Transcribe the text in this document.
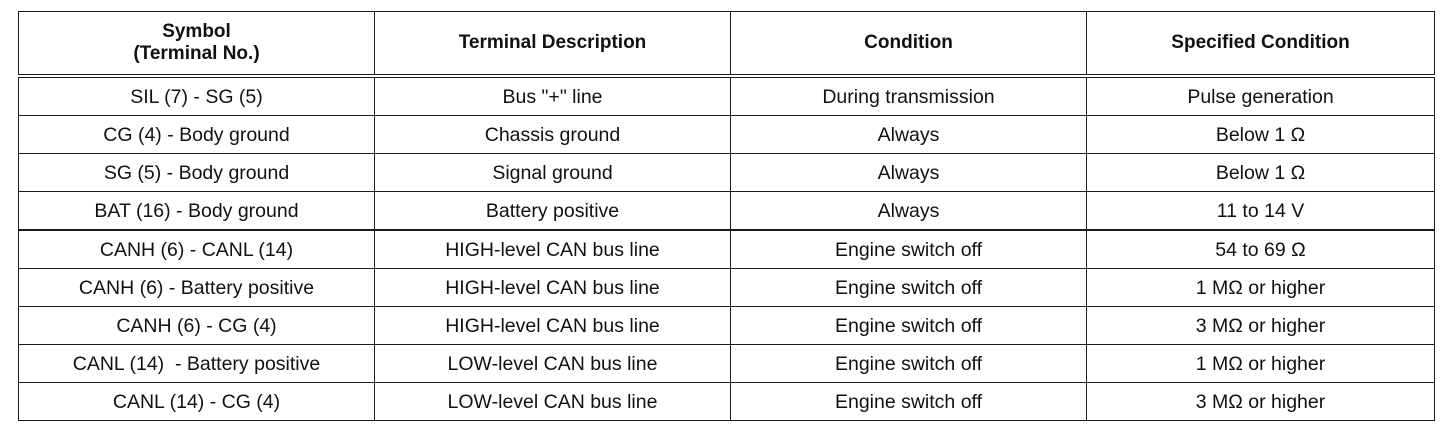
Symbol
(Terminal No.)	Terminal Description	Condition	Specified Condition

SIL (7) - SG (5)	Bus "+" line	During transmission	Pulse generation
CG (4) - Body ground	Chassis ground	Always	Below 1 Ω
SG (5) - Body ground	Signal ground	Always	Below 1 Ω
BAT (16) - Body ground	Battery positive	Always	11 to 14 V
CANH (6) - CANL (14)	HIGH-level CAN bus line	Engine switch off	54 to 69 Ω
CANH (6) - Battery positive	HIGH-level CAN bus line	Engine switch off	1 MΩ or higher
CANH (6) - CG (4)	HIGH-level CAN bus line	Engine switch off	3 MΩ or higher
CANL (14)  - Battery positive	LOW-level CAN bus line	Engine switch off	1 MΩ or higher
CANL (14) - CG (4)	LOW-level CAN bus line	Engine switch off	3 MΩ or higher
